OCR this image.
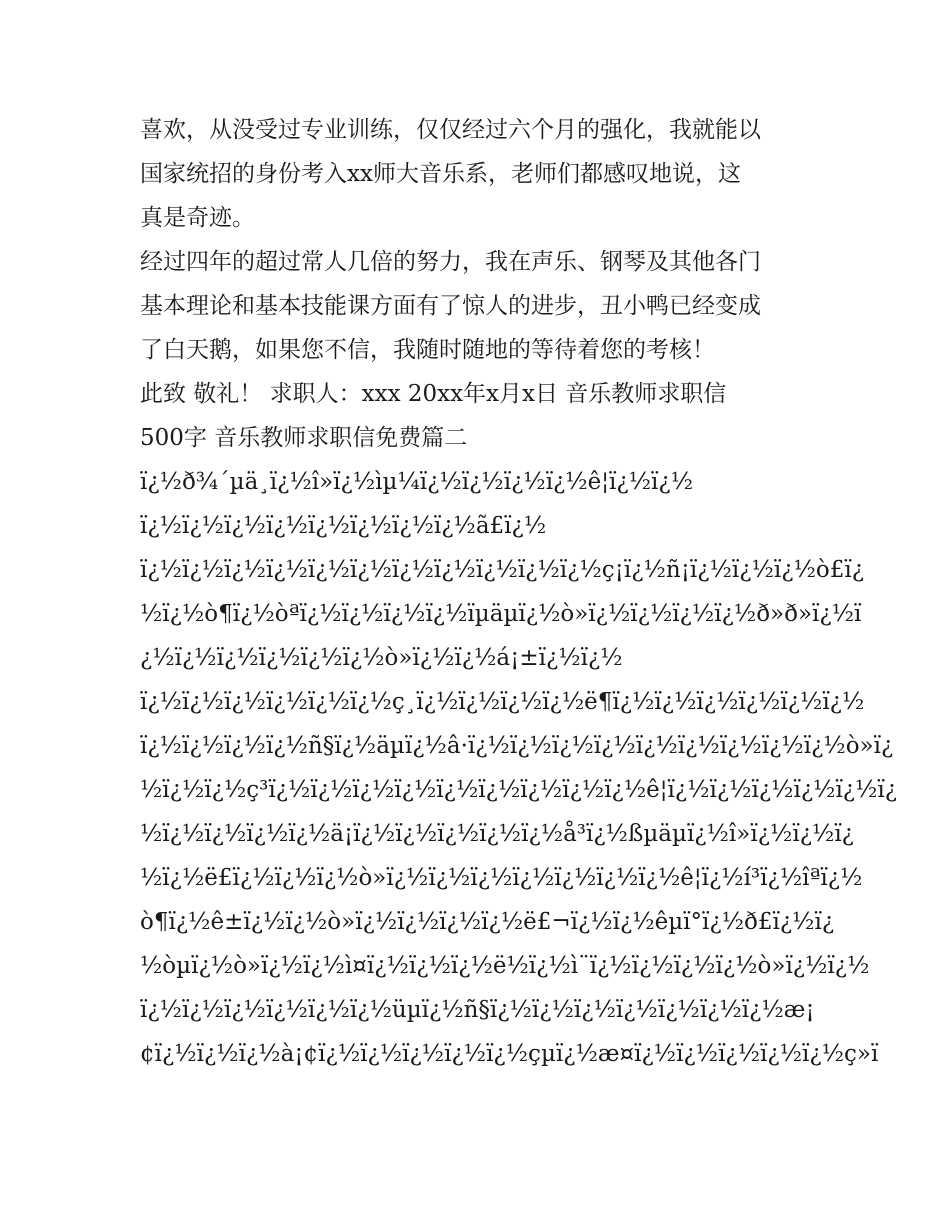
喜欢，从没受过专业训练，仅仅经过六个月的强化，我就能以
国家统招的身份考入xx师大音乐系，老师们都感叹地说，这
真是奇迹。
经过四年的超过常人几倍的努力，我在声乐、钢琴及其他各门
基本理论和基本技能课方面有了惊人的进步，丑小鸭已经变成
了白天鹅，如果您不信，我随时随地的等待着您的考核！
此致 敬礼！ 求职人：xxx 20xx年x月x日 音乐教师求职信
500字 音乐教师求职信免费篇二
ï¿½ð¾´µä¸ï¿½î»ï¿½ìµ¼ï¿½ï¿½ï¿½ï¿½ê¦ï¿½ï¿½
ï¿½ï¿½ï¿½ï¿½ï¿½ï¿½ï¿½ï¿½ã£ï¿½
ï¿½ï¿½ï¿½ï¿½ï¿½ï¿½ï¿½ï¿½ï¿½ï¿½ï¿½ç¡ï¿½ñ¡ï¿½ï¿½ï¿½ò£ï¿
½ï¿½ò¶ï¿½òªï¿½ï¿½ï¿½ï¿½ïµäµï¿½ò»ï¿½ï¿½ï¿½ï¿½ð»ð»ï¿½ï
¿½ï¿½ï¿½ï¿½ï¿½ï¿½ò»ï¿½ï¿½á¡±ï¿½ï¿½
ï¿½ï¿½ï¿½ï¿½ï¿½ï¿½ç¸ï¿½ï¿½ï¿½ï¿½ë¶ï¿½ï¿½ï¿½ï¿½ï¿½ï¿½
ï¿½ï¿½ï¿½ï¿½ñ§ï¿½äµï¿½â·ï¿½ï¿½ï¿½ï¿½ï¿½ï¿½ï¿½ï¿½ï¿½ò»ï¿
½ï¿½ï¿½ç³ï¿½ï¿½ï¿½ï¿½ï¿½ï¿½ï¿½ï¿½ï¿½ê¦ï¿½ï¿½ï¿½ï¿½ï¿½ï¿
½ï¿½ï¿½ï¿½ï¿½ä¡ï¿½ï¿½ï¿½ï¿½ï¿½å³ï¿½ßµäµï¿½î»ï¿½ï¿½ï¿
½ï¿½ë£ï¿½ï¿½ï¿½ò»ï¿½ï¿½ï¿½ï¿½ï¿½ï¿½ï¿½ê¦ï¿½í³ï¿½îªï¿½
ò¶ï¿½ê±ï¿½ï¿½ò»ï¿½ï¿½ï¿½ï¿½ë£¬ï¿½ï¿½êµï°ï¿½ð£ï¿½ï¿
½òµï¿½ò»ï¿½ï¿½ì¤ï¿½ï¿½ï¿½ë½ï¿½ì¨ï¿½ï¿½ï¿½ï¿½ò»ï¿½ï¿½
ï¿½ï¿½ï¿½ï¿½ï¿½ï¿½üµï¿½ñ§ï¿½ï¿½ï¿½ï¿½ï¿½ï¿½ï¿½æ¡
¢ï¿½ï¿½ï¿½à¡¢ï¿½ï¿½ï¿½ï¿½ï¿½çµï¿½æ¤ï¿½ï¿½ï¿½ï¿½ï¿½ç»ï
